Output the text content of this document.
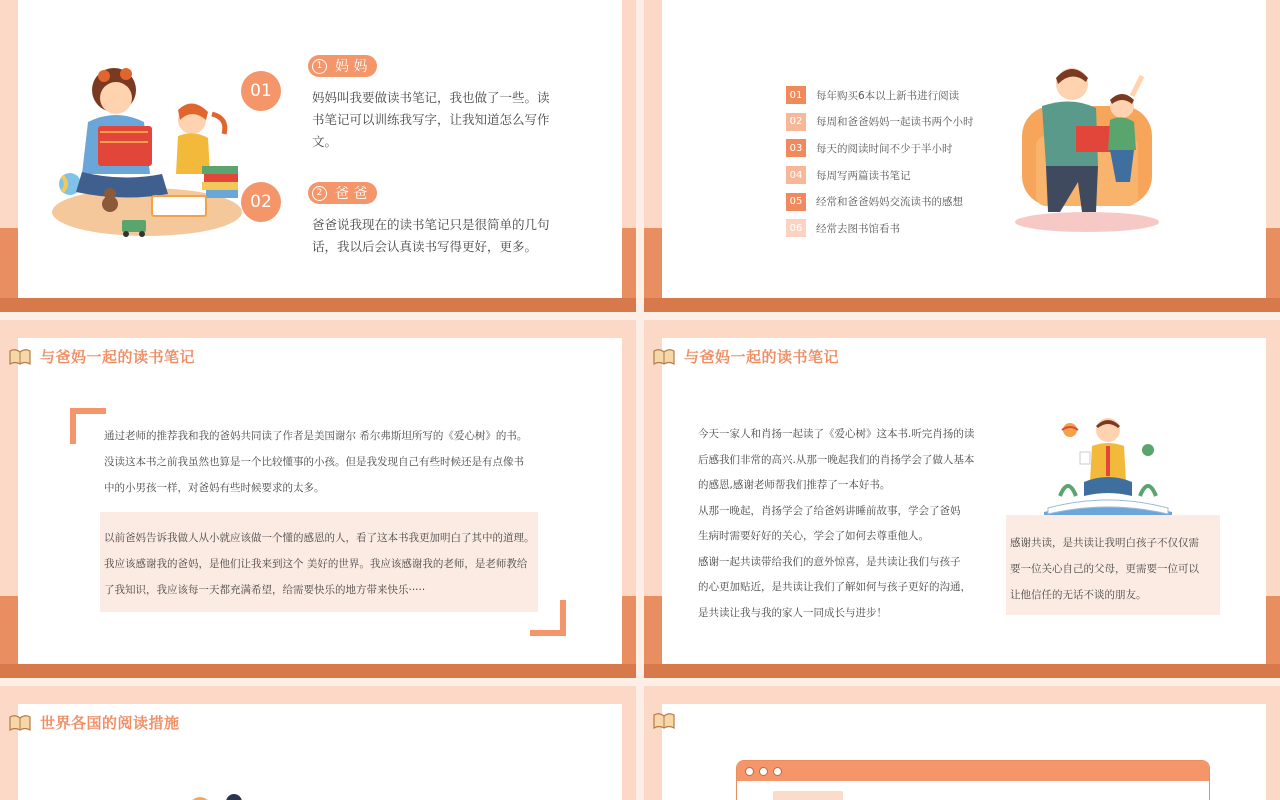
01
1 妈 妈
妈妈叫我要做读书笔记，我也做了一些。读
书笔记可以训练我写字，让我知道怎么写作
文。
02	2 爸 爸
爸爸说我现在的读书笔记只是很简单的几句
话，我以后会认真读书写得更好，更多。
01	每年购买6本以上新书进行阅读
02	每周和爸爸妈妈一起读书两个小时
03	每天的阅读时间不少于半小时
04	每周写两篇读书笔记
05	经常和爸爸妈妈交流读书的感想
06	经常去图书馆看书
与爸妈一起的读书笔记
通过老师的推荐我和我的爸妈共同读了作者是美国谢尔 希尔弗斯坦所写的《爱心树》的书。
没读这本书之前我虽然也算是一个比较懂事的小孩。但是我发现自己有些时候还是有点像书
中的小男孩一样，对爸妈有些时候要求的太多。
以前爸妈告诉我做人从小就应该做一个懂的感恩的人，看了这本书我更加明白了其中的道理。
我应该感谢我的爸妈，是他们让我来到这个 美好的世界。我应该感谢我的老师，是老师教给
了我知识，我应该每一天都充满希望，给需要快乐的地方带来快乐·····
与爸妈一起的读书笔记
今天一家人和肖扬一起读了《爱心树》这本书.听完肖扬的读
后感我们非常的高兴.从那一晚起我们的肖扬学会了做人基本
的感恩,感谢老师帮我们推荐了一本好书。
从那一晚起，肖扬学会了给爸妈讲睡前故事，学会了爸妈
生病时需要好好的关心，学会了如何去尊重他人。
感谢一起共读带给我们的意外惊喜，是共读让我们与孩子
的心更加贴近，是共读让我们了解如何与孩子更好的沟通，
是共读让我与我的家人一同成长与进步！
感谢共读，是共读让我明白孩子不仅仅需
要一位关心自己的父母，更需要一位可以
让他信任的无话不谈的朋友。
世界各国的阅读措施
